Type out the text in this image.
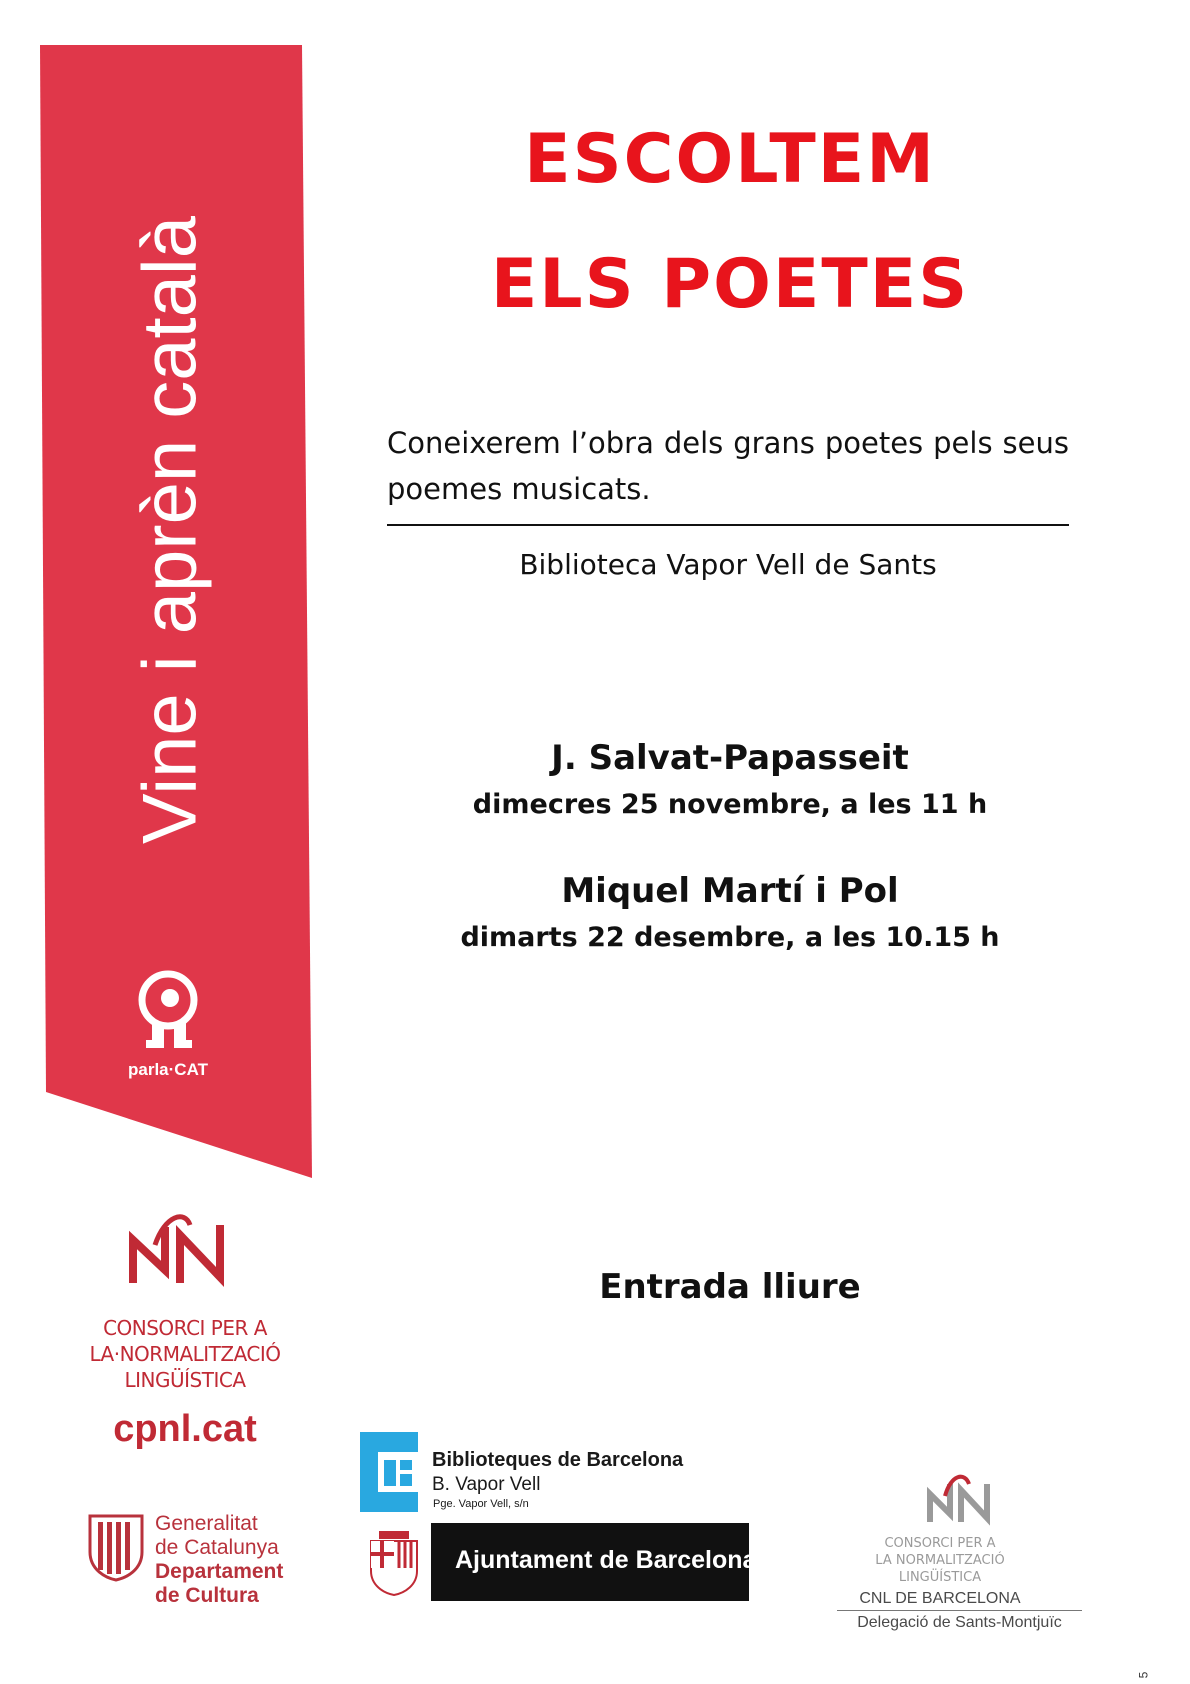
Vine i aprèn català
parla·CAT
ESCOLTEM
ELS POETES
Coneixerem l’obra dels grans poetes pels seus poemes musicats.
Biblioteca Vapor Vell de Sants
J. Salvat-Papasseit
dimecres 25 novembre, a les 11 h
Miquel Martí i Pol
dimarts 22 desembre, a les 10.15 h
Entrada lliure
CONSORCI PER A
LA·NORMALITZACIÓ
LINGÜÍSTICA
cpnl.cat
Generalitat
de Catalunya
Departament
de Cultura
Biblioteques de Barcelona
B. Vapor Vell
Pge. Vapor Vell, s/n
Ajuntament de Barcelona
CONSORCI PER A
LA NORMALITZACIÓ
LINGÜÍSTICA
CNL DE BARCELONA
Delegació de Sants-Montjuïc
5
